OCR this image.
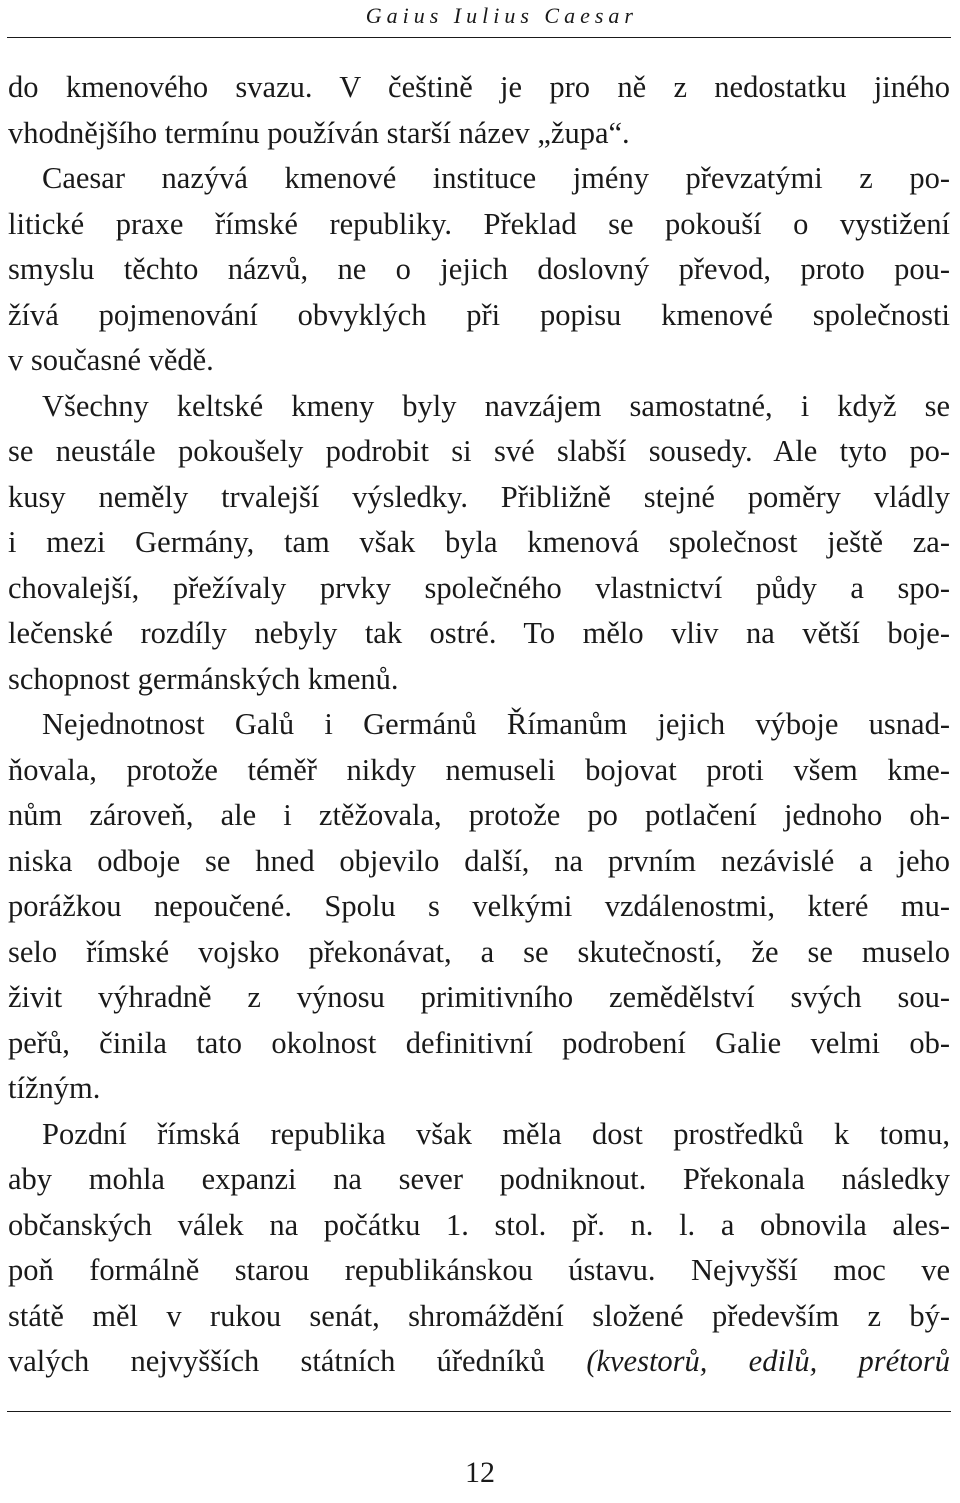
Gaius Iulius Caesar
do kmenového svazu. V češtině je pro ně z nedostatku jiného
vhodnějšího termínu používán starší název „župa“.
Caesar nazývá kmenové instituce jmény převzatými z po-
litické praxe římské republiky. Překlad se pokouší o vystižení
smyslu těchto názvů, ne o jejich doslovný převod, proto pou-
žívá pojmenování obvyklých při popisu kmenové společnosti
v současné vědě.
Všechny keltské kmeny byly navzájem samostatné, i když se
se neustále pokoušely podrobit si své slabší sousedy. Ale tyto po-
kusy neměly trvalejší výsledky. Přibližně stejné poměry vládly
i mezi Germány, tam však byla kmenová společnost ještě za-
chovalejší, přežívaly prvky společného vlastnictví půdy a spo-
lečenské rozdíly nebyly tak ostré. To mělo vliv na větší boje-
schopnost germánských kmenů.
Nejednotnost Galů i Germánů Římanům jejich výboje usnad-
ňovala, protože téměř nikdy nemuseli bojovat proti všem kme-
nům zároveň, ale i ztěžovala, protože po potlačení jednoho oh-
niska odboje se hned objevilo další, na prvním nezávislé a jeho
porážkou nepoučené. Spolu s velkými vzdálenostmi, které mu-
selo římské vojsko překonávat, a se skutečností, že se muselo
živit výhradně z výnosu primitivního zemědělství svých sou-
peřů, činila tato okolnost definitivní podrobení Galie velmi ob-
tížným.
Pozdní římská republika však měla dost prostředků k tomu,
aby mohla expanzi na sever podniknout. Překonala následky
občanských válek na počátku 1. stol. př. n. l. a obnovila ales-
poň formálně starou republikánskou ústavu. Nejvyšší moc ve
státě měl v rukou senát, shromáždění složené především z bý-
valých nejvyšších státních úředníků (kvestorů, edilů, prétorů
12
